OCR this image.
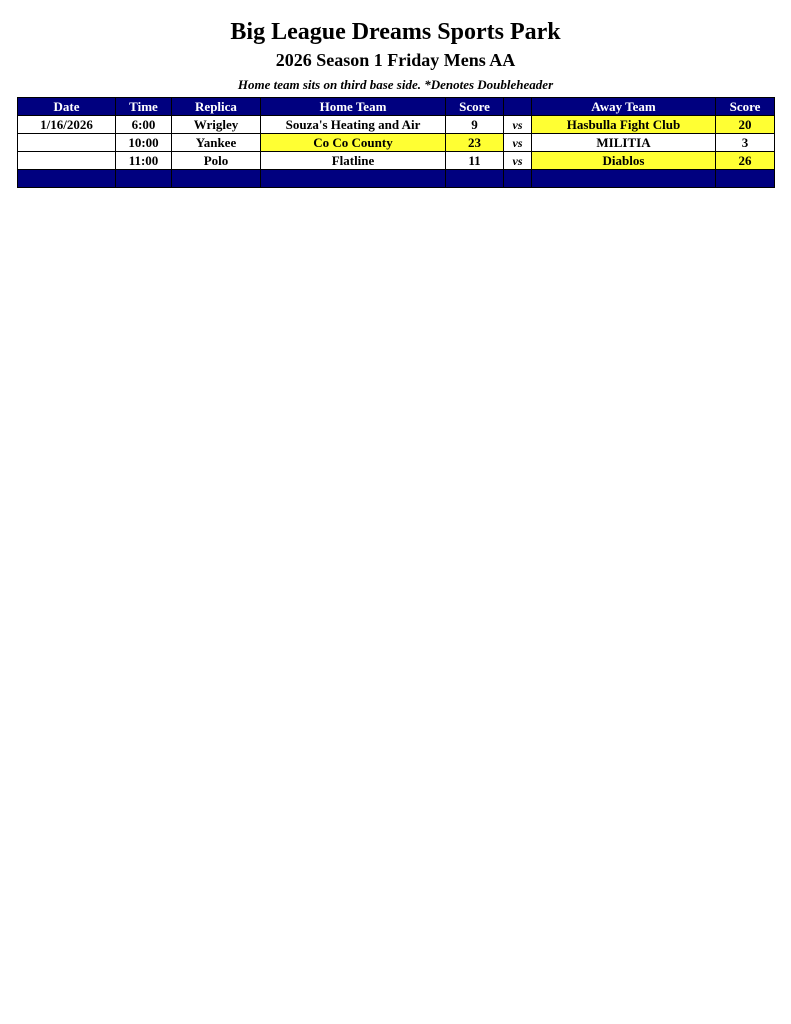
Big League Dreams Sports Park
2026 Season 1 Friday Mens AA
Home team sits on third base side. *Denotes Doubleheader
Date	Time	Replica	Home Team	Score		Away Team	Score
1/16/2026	6:00	Wrigley	Souza's Heating and Air	9	vs	Hasbulla Fight Club	20
	10:00	Yankee	Co Co County	23	vs	MILITIA	3
	11:00	Polo	Flatline	11	vs	Diablos	26
